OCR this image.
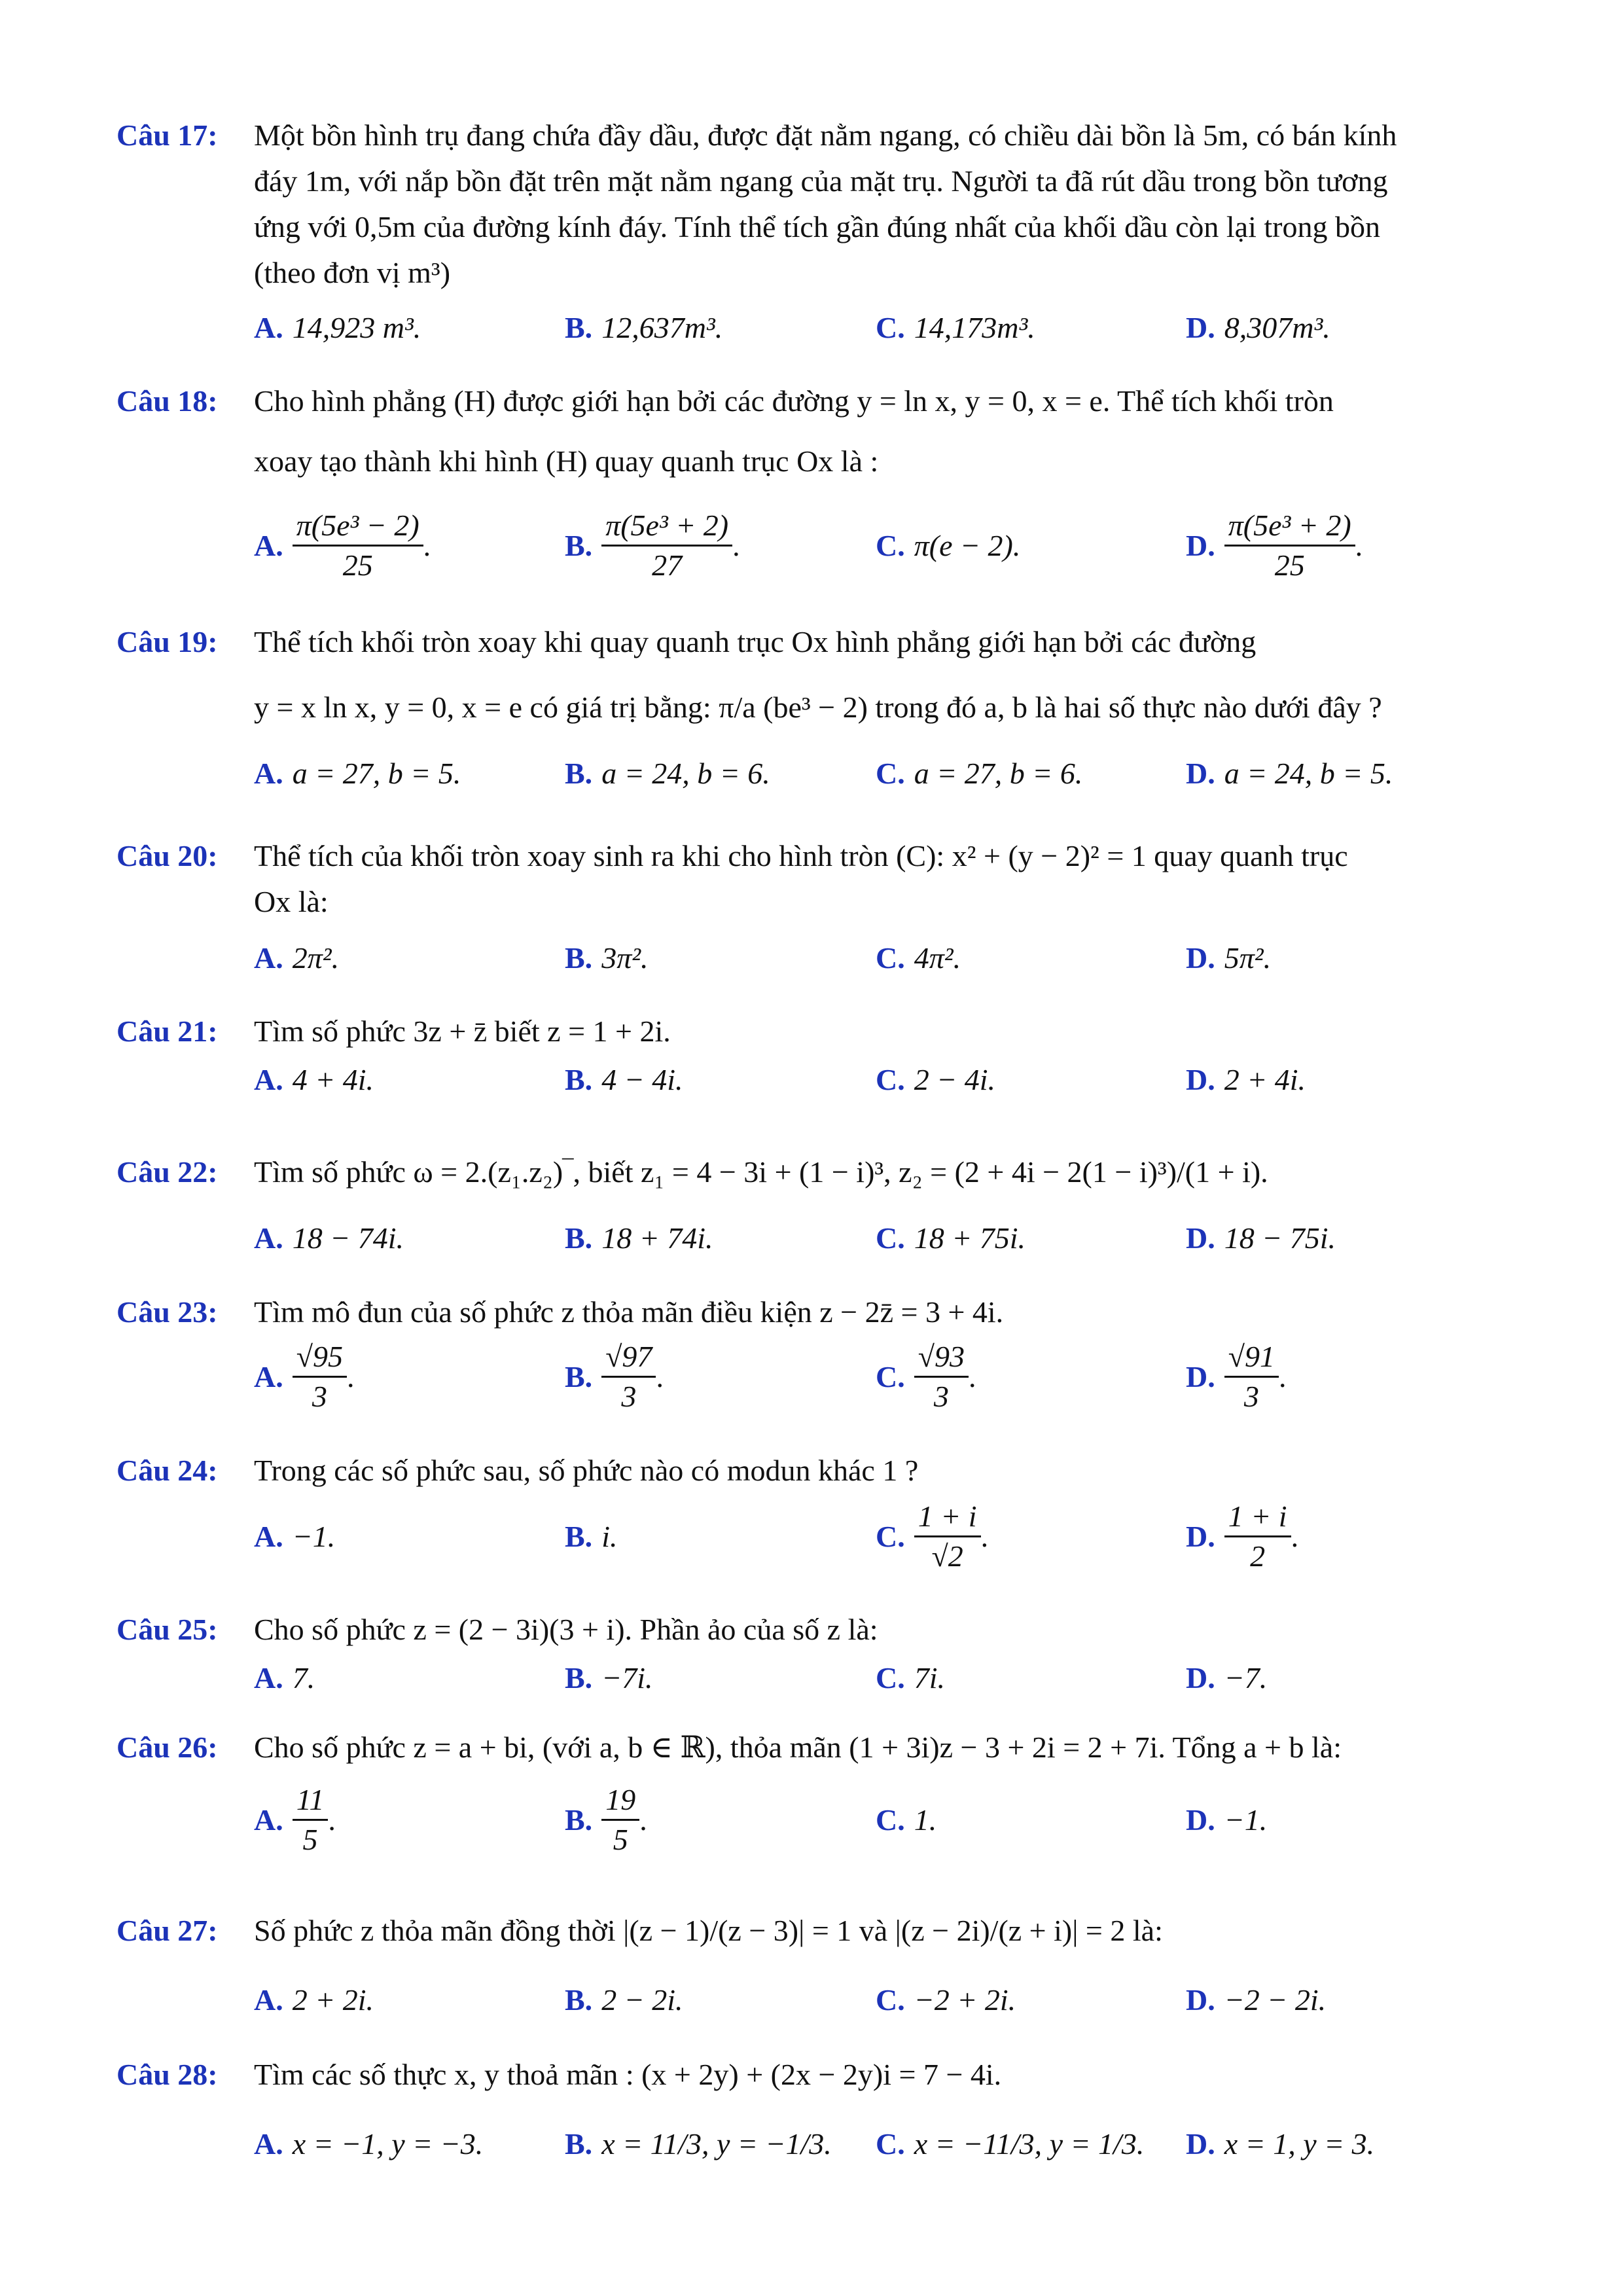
Câu 17: Một bồn hình trụ đang chứa đầy dầu, được đặt nằm ngang, có chiều dài bồn là 5m, có bán kính
đáy 1m, với nắp bồn đặt trên mặt nằm ngang của mặt trụ. Người ta đã rút dầu trong bồn tương
ứng với 0,5m của đường kính đáy. Tính thể tích gần đúng nhất của khối dầu còn lại trong bồn
(theo đơn vị m³)
A. 14,923 m³.	B. 12,637m³.	C. 14,173m³.	D. 8,307m³.
Câu 18: Cho hình phẳng (H) được giới hạn bởi các đường y = ln x, y = 0, x = e. Thể tích khối tròn
xoay tạo thành khi hình (H) quay quanh trục Ox là :
A. $\frac{\text{π(5e³ − 2)}}{25}$ .	B. $\frac{\text{π(5e³ + 2)}}{27}$ .	C. π(e − 2).	D. $\frac{\text{π(5e³ + 2)}}{25}$ .
Câu 19: Thể tích khối tròn xoay khi quay quanh trục Ox hình phẳng giới hạn bởi các đường
y = x ln x, y = 0, x = e có giá trị bằng: π/a (be³ − 2) trong đó a, b là hai số thực nào dưới đây ?
A. a = 27, b = 5.	B. a = 24, b = 6.	C. a = 27, b = 6.	D. a = 24, b = 5.
Câu 20: Thể tích của khối tròn xoay sinh ra khi cho hình tròn (C): x² + (y − 2)² = 1 quay quanh trục
Ox là:
A. 2π².	B. 3π².	C. 4π².	D. 5π².
Câu 21: Tìm số phức 3z + z̄ biết z = 1 + 2i.
A. 4 + 4i.	B. 4 − 4i.	C. 2 − 4i.	D. 2 + 4i.
Câu 22: Tìm số phức ω = 2.(z₁.z₂)‾, biết z₁ = 4 − 3i + (1 − i)³, z₂ = (2 + 4i − 2(1 − i)³)/(1 + i).
A. 18 − 74i.	B. 18 + 74i.	C. 18 + 75i.	D. 18 − 75i.
Câu 23: Tìm mô đun của số phức z thỏa mãn điều kiện z − 2z̄ = 3 + 4i.
A. $\frac{√95}{3}$ .	B. $\frac{√97}{3}$ .	C. $\frac{√93}{3}$ .	D. $\frac{√91}{3}$ .
Câu 24: Trong các số phức sau, số phức nào có modun khác 1 ?
A. −1.	B. i.	C. $\frac{1 + i}{√2}$ .	D. $\frac{1 + i}{2}$ .
Câu 25: Cho số phức z = (2 − 3i)(3 + i). Phần ảo của số z là:
A. 7.	B. −7i.	C. 7i.	D. −7.
Câu 26: Cho số phức z = a + bi, (với a, b ∈ ℝ), thỏa mãn (1 + 3i)z − 3 + 2i = 2 + 7i. Tổng a + b là:
A. $\frac{11}{5}$ .	B. $\frac{19}{5}$ .	C. 1.	D. −1.
Câu 27: Số phức z thỏa mãn đồng thời |(z − 1)/(z − 3)| = 1 và |(z − 2i)/(z + i)| = 2 là:
A. 2 + 2i.	B. 2 − 2i.	C. −2 + 2i.	D. −2 − 2i.
Câu 28: Tìm các số thực x, y thoả mãn : (x + 2y) + (2x − 2y)i = 7 − 4i.
A. x = −1, y = −3.	B. x = 11/3, y = −1/3. C. x = −11/3, y = 1/3. D. x = 1, y = 3.
